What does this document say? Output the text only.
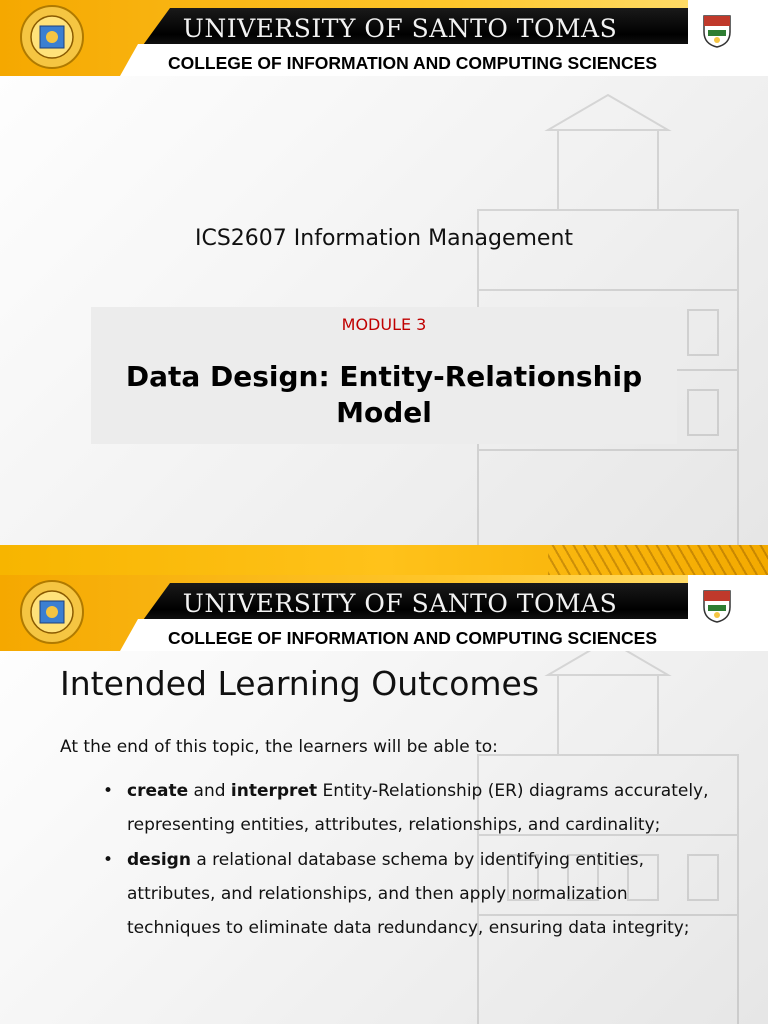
UNIVERSITY OF SANTO TOMAS
COLLEGE OF INFORMATION AND COMPUTING SCIENCES
ICS2607 Information Management
MODULE 3
Data Design: Entity-Relationship
Model
UNIVERSITY OF SANTO TOMAS
COLLEGE OF INFORMATION AND COMPUTING SCIENCES
Intended Learning Outcomes
At the end of this topic, the learners will be able to:
• create and interpret Entity-Relationship (ER) diagrams accurately, representing entities, attributes, relationships, and cardinality;
• design a relational database schema by identifying entities, attributes, and relationships, and then apply normalization techniques to eliminate data redundancy, ensuring data integrity;
